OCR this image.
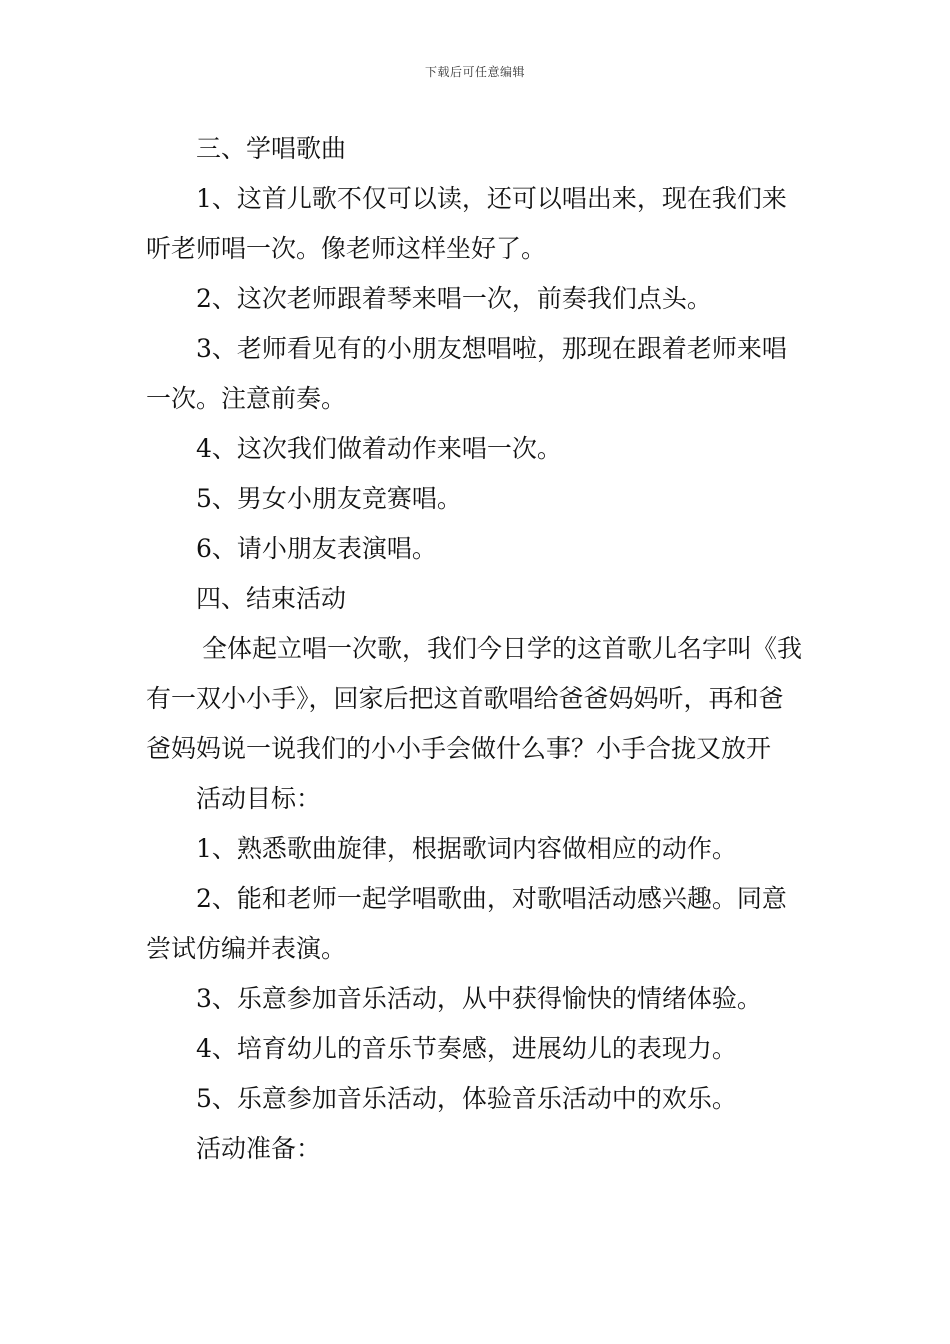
下载后可任意编辑

三、学唱歌曲

1、这首儿歌不仅可以读，还可以唱出来，现在我们来听老师唱一次。像老师这样坐好了。

2、这次老师跟着琴来唱一次，前奏我们点头。

3、老师看见有的小朋友想唱啦，那现在跟着老师来唱一次。注意前奏。

4、这次我们做着动作来唱一次。

5、男女小朋友竞赛唱。

6、请小朋友表演唱。

四、结束活动

全体起立唱一次歌，我们今日学的这首歌儿名字叫《我有一双小小手》，回家后把这首歌唱给爸爸妈妈听，再和爸爸妈妈说一说我们的小小手会做什么事？小手合拢又放开

活动目标：

1、熟悉歌曲旋律，根据歌词内容做相应的动作。

2、能和老师一起学唱歌曲，对歌唱活动感兴趣。同意尝试仿编并表演。

3、乐意参加音乐活动，从中获得愉快的情绪体验。

4、培育幼儿的音乐节奏感，进展幼儿的表现力。

5、乐意参加音乐活动，体验音乐活动中的欢乐。

活动准备：
